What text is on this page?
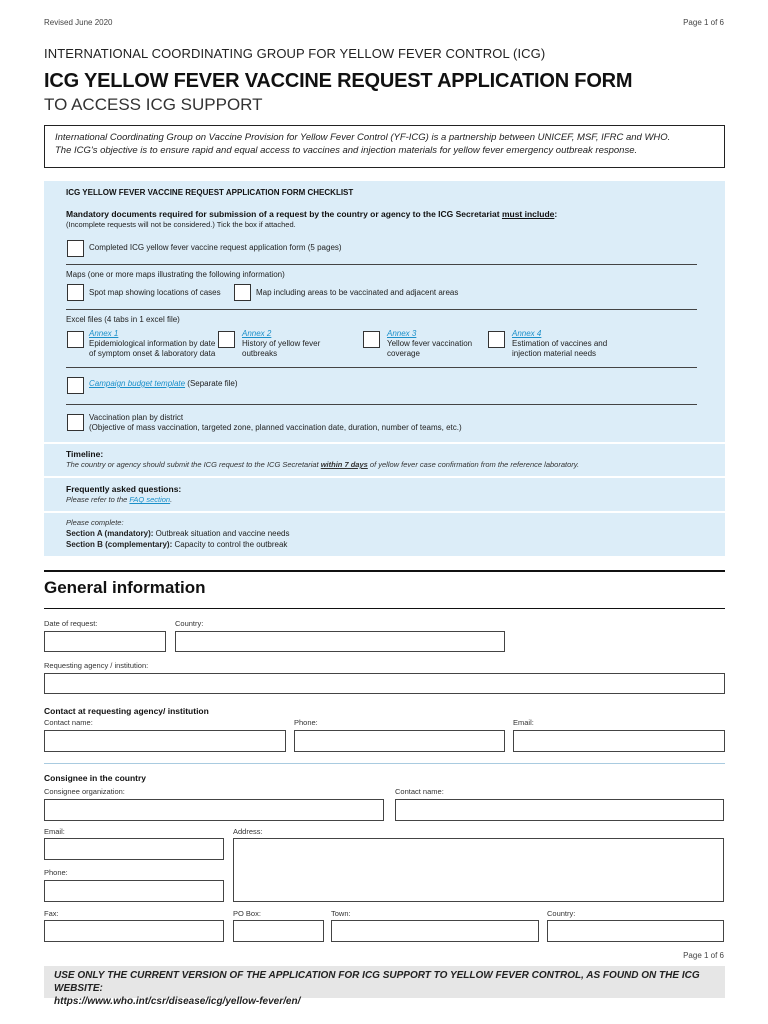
Revised June 2020	Page 1 of 6
INTERNATIONAL COORDINATING GROUP FOR YELLOW FEVER CONTROL (ICG)
ICG YELLOW FEVER VACCINE REQUEST APPLICATION FORM
TO ACCESS ICG SUPPORT
International Coordinating Group on Vaccine Provision for Yellow Fever Control (YF-ICG) is a partnership between UNICEF, MSF, IFRC and WHO.
The ICG's objective is to ensure rapid and equal access to vaccines and injection materials for yellow fever emergency outbreak response.
ICG YELLOW FEVER VACCINE REQUEST APPLICATION FORM CHECKLIST
Mandatory documents required for submission of a request by the country or agency to the ICG Secretariat must include:
(Incomplete requests will not be considered.) Tick the box if attached.
Completed ICG yellow fever vaccine request application form (5 pages)
Maps (one or more maps illustrating the following information)
Spot map showing locations of cases	Map including areas to be vaccinated and adjacent areas
Excel files (4 tabs in 1 excel file)
Annex 1
Epidemiological information by date
of symptom onset & laboratory data
Annex 2
History of yellow fever
outbreaks
Annex 3
Yellow fever vaccination
coverage
Annex 4
Estimation of vaccines and
injection material needs
Campaign budget template (Separate file)
Vaccination plan by district
(Objective of mass vaccination, targeted zone, planned vaccination date, duration, number of teams, etc.)
Timeline:
The country or agency should submit the ICG request to the ICG Secretariat within 7 days of yellow fever case confirmation from the reference laboratory.
Frequently asked questions:
Please refer to the FAQ section.
Please complete:
Section A (mandatory): Outbreak situation and vaccine needs
Section B (complementary): Capacity to control the outbreak
General information
Date of request:	Country:
Requesting agency / institution:
Contact at requesting agency/ institution
Contact name:	Phone:	Email:
Consignee in the country
Consignee organization:	Contact name:
Email:	Address:
Phone:
Fax:	PO Box:	Town:	Country:
Page 1 of 6
USE ONLY THE CURRENT VERSION OF THE APPLICATION FOR ICG SUPPORT TO YELLOW FEVER CONTROL, AS FOUND ON THE ICG WEBSITE:
https://www.who.int/csr/disease/icg/yellow-fever/en/
